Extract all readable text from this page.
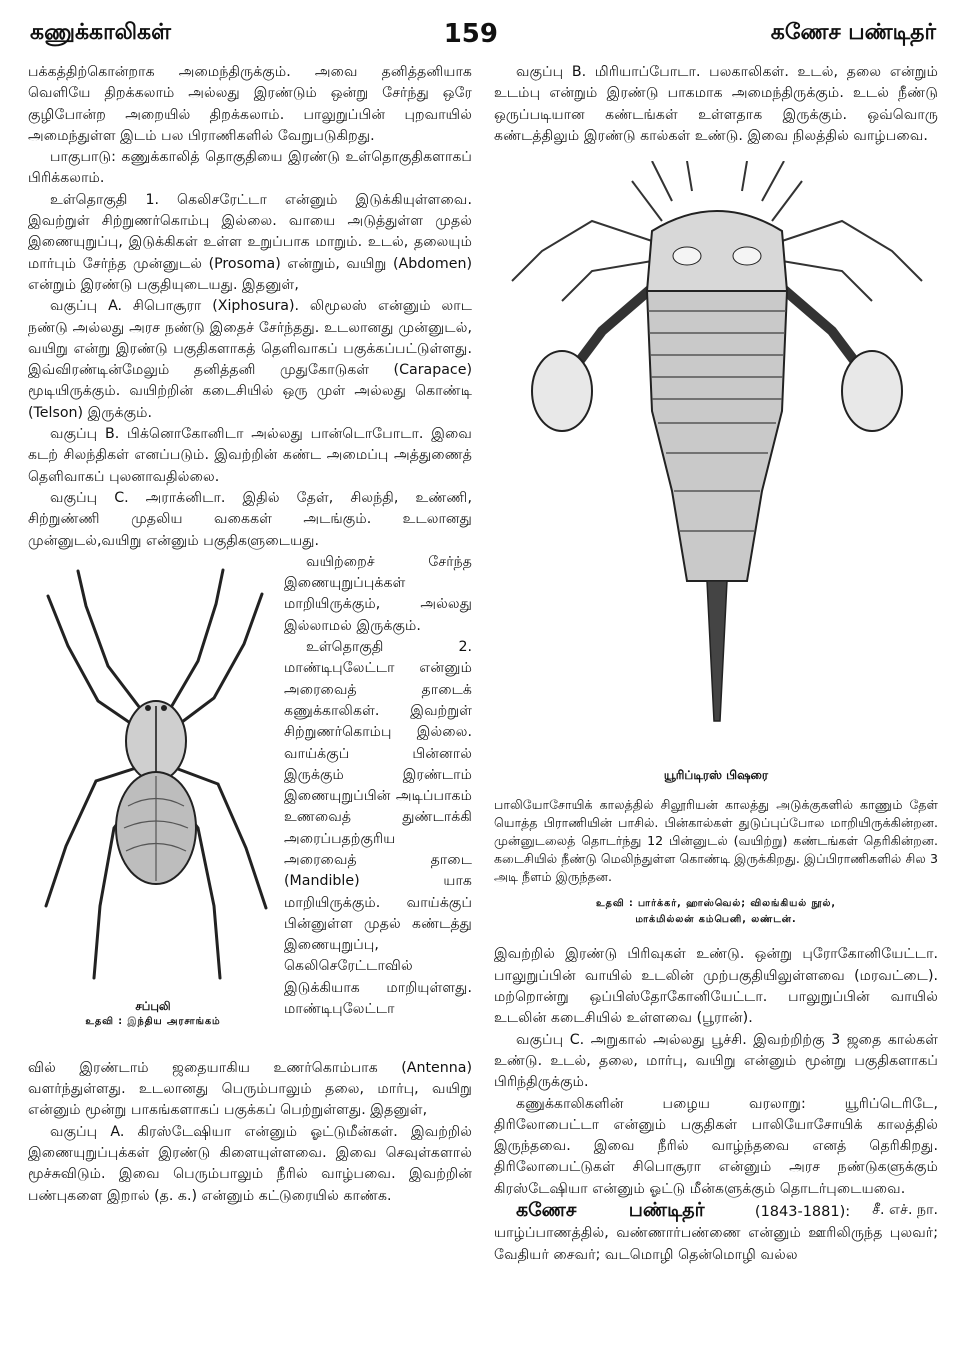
கணுக்காலிகள்	159	கணேச பண்டிதர்

பக்கத்திற்கொன்றாக அமைந்திருக்கும். அவை தனித்தனியாக வெளியே திறக்கலாம் அல்லது இரண்டும் ஒன்று சேர்ந்து ஒரே குழிபோன்ற அறையில் திறக்கலாம். பாலுறுப்பின் புறவாயில் அமைந்துள்ள இடம் பல பிராணிகளில் வேறுபடுகிறது.

பாகுபாடு: கணுக்காலித் தொகுதியை இரண்டு உள்தொகுதிகளாகப் பிரிக்கலாம்.

உள்தொகுதி 1. கெலிசரேட்டா என்னும் இடுக்கியுள்ளவை. இவற்றுள் சிற்றுணர்கொம்பு இல்லை. வாயை அடுத்துள்ள முதல் இணையுறுப்பு, இடுக்கிகள் உள்ள உறுப்பாக மாறும். உடல், தலையும் மார்பும் சேர்ந்த முன்னுடல் (Prosoma) என்றும், வயிறு (Abdomen) என்றும் இரண்டு பகுதியுடையது. இதனுள்,

வகுப்பு A. சிபொசூரா (Xiphosura). லிமூலஸ் என்னும் லாட நண்டு அல்லது அரச நண்டு இதைச் சேர்ந்தது. உடலானது முன்னுடல், வயிறு என்று இரண்டு பகுதிகளாகத் தெளிவாகப் பகுக்கப்பட்டுள்ளது. இவ்விரண்டின்மேலும் தனித்தனி முதுகோடுகள் (Carapace) மூடியிருக்கும். வயிற்றின் கடைசியில் ஒரு முள் அல்லது கொண்டி (Telson) இருக்கும்.

வகுப்பு B. பிக்னொகோனிடா அல்லது பான்டொபோடா. இவை கடற் சிலந்திகள் எனப்படும். இவற்றின் கண்ட அமைப்பு அத்துணைத் தெளிவாகப் புலனாவதில்லை.

வகுப்பு C. அராக்னிடா. இதில் தேள், சிலந்தி, உண்ணி, சிற்றுண்ணி முதலிய வகைகள் அடங்கும். உடலானது முன்னுடல்,வயிறு என்னும் பகுதிகளுடையது.

சப்புலி
உதவி : இந்திய அரசாங்கம்

வயிற்றைச் சேர்ந்த இணையுறுப்புக்கள் மாறியிருக்கும், அல்லது இல்லாமல் இருக்கும்.

உள்தொகுதி 2. மாண்டிபுலேட்டா என்னும் அரைவைத் தாடைக் கணுக்காலிகள். இவற்றுள் சிற்றுணர்கொம்பு இல்லை. வாய்க்குப் பின்னால் இருக்கும் இரண்டாம் இணையுறுப்பின் அடிப்பாகம் உணவைத் துண்டாக்கி அரைப்பதற்குரிய அரைவைத் தாடை (Mandible) யாக மாறியிருக்கும். வாய்க்குப் பின்னுள்ள முதல் கண்டத்து இணையுறுப்பு, கெலிசெரேட்டாவில் இடுக்கியாக மாறியுள்ளது. மாண்டிபுலேட்டா

வில் இரண்டாம் ஜதையாகிய உணர்கொம்பாக (Antenna) வளர்ந்துள்ளது. உடலானது பெரும்பாலும் தலை, மார்பு, வயிறு என்னும் மூன்று பாகங்களாகப் பகுக்கப் பெற்றுள்ளது. இதனுள்,

வகுப்பு A. கிரஸ்டேஷியா என்னும் ஓட்டுமீன்கள். இவற்றில் இணையுறுப்புக்கள் இரண்டு கிளையுள்ளவை. இவை செவுள்களால் மூச்சுவிடும். இவை பெரும்பாலும் நீரில் வாழ்பவை. இவற்றின் பண்புகளை இறால் (த. க.) என்னும் கட்டுரையில் காண்க.

வகுப்பு B. மிரியாப்போடா. பலகாலிகள். உடல், தலை என்றும் உடம்பு என்றும் இரண்டு பாகமாக அமைந்திருக்கும். உடல் நீண்டு ஒருப்படியான கண்டங்கள் உள்ளதாக இருக்கும். ஒவ்வொரு கண்டத்திலும் இரண்டு கால்கள் உண்டு. இவை நிலத்தில் வாழ்பவை.

யூரிப்டிரஸ் பிஷரை
பாலியோசோயிக் காலத்தில் சிலூரியன் காலத்து அடுக்குகளில் காணும் தேள் யொத்த பிராணியின் பாசில். பின்கால்கள் துடுப்புப்போல மாறியிருக்கின்றன. முன்னுடலைத் தொடர்ந்து 12 பின்னுடல் (வயிற்று) கண்டங்கள் தெரிகின்றன. கடைசியில் நீண்டு மெலிந்துள்ள கொண்டி இருக்கிறது. இப்பிராணிகளில் சில 3 அடி நீளம் இருந்தன.
உதவி : பார்க்கர், ஹாஸ்வெல்; விலங்கியல் நூல்,
மாக்மில்லன் கம்பெனி, லண்டன்.

இவற்றில் இரண்டு பிரிவுகள் உண்டு. ஒன்று புரோகோனியேட்டா. பாலுறுப்பின் வாயில் உடலின் முற்பகுதியிலுள்ளவை (மரவட்டை). மற்றொன்று ஒப்பிஸ்தோகோனியேட்டா. பாலுறுப்பின் வாயில் உடலின் கடைசியில் உள்ளவை (பூரான்).

வகுப்பு C. அறுகால் அல்லது பூச்சி. இவற்றிற்கு 3 ஜதை கால்கள் உண்டு. உடல், தலை, மார்பு, வயிறு என்னும் மூன்று பகுதிகளாகப் பிரிந்திருக்கும்.

கணுக்காலிகளின் பழைய வரலாறு: யூரிப்டெரிடே, திரிலோபைட்டா என்னும் பகுதிகள் பாலியோசோயிக் காலத்தில் இருந்தவை. இவை நீரில் வாழ்ந்தவை எனத் தெரிகிறது. திரிலோபைட்டுகள் சிபொசூரா என்னும் அரச நண்டுகளுக்கும் கிரஸ்டேஷியா என்னும் ஓட்டு மீன்களுக்கும் தொடர்புடையவை.
சீ. எச். நா.

கணேச பண்டிதர்	(1843-1881): யாழ்ப்பாணத்தில், வண்ணார்பண்ணை என்னும் ஊரிலிருந்த புலவர்; வேதியர் சைவர்; வடமொழி தென்மொழி வல்ல
